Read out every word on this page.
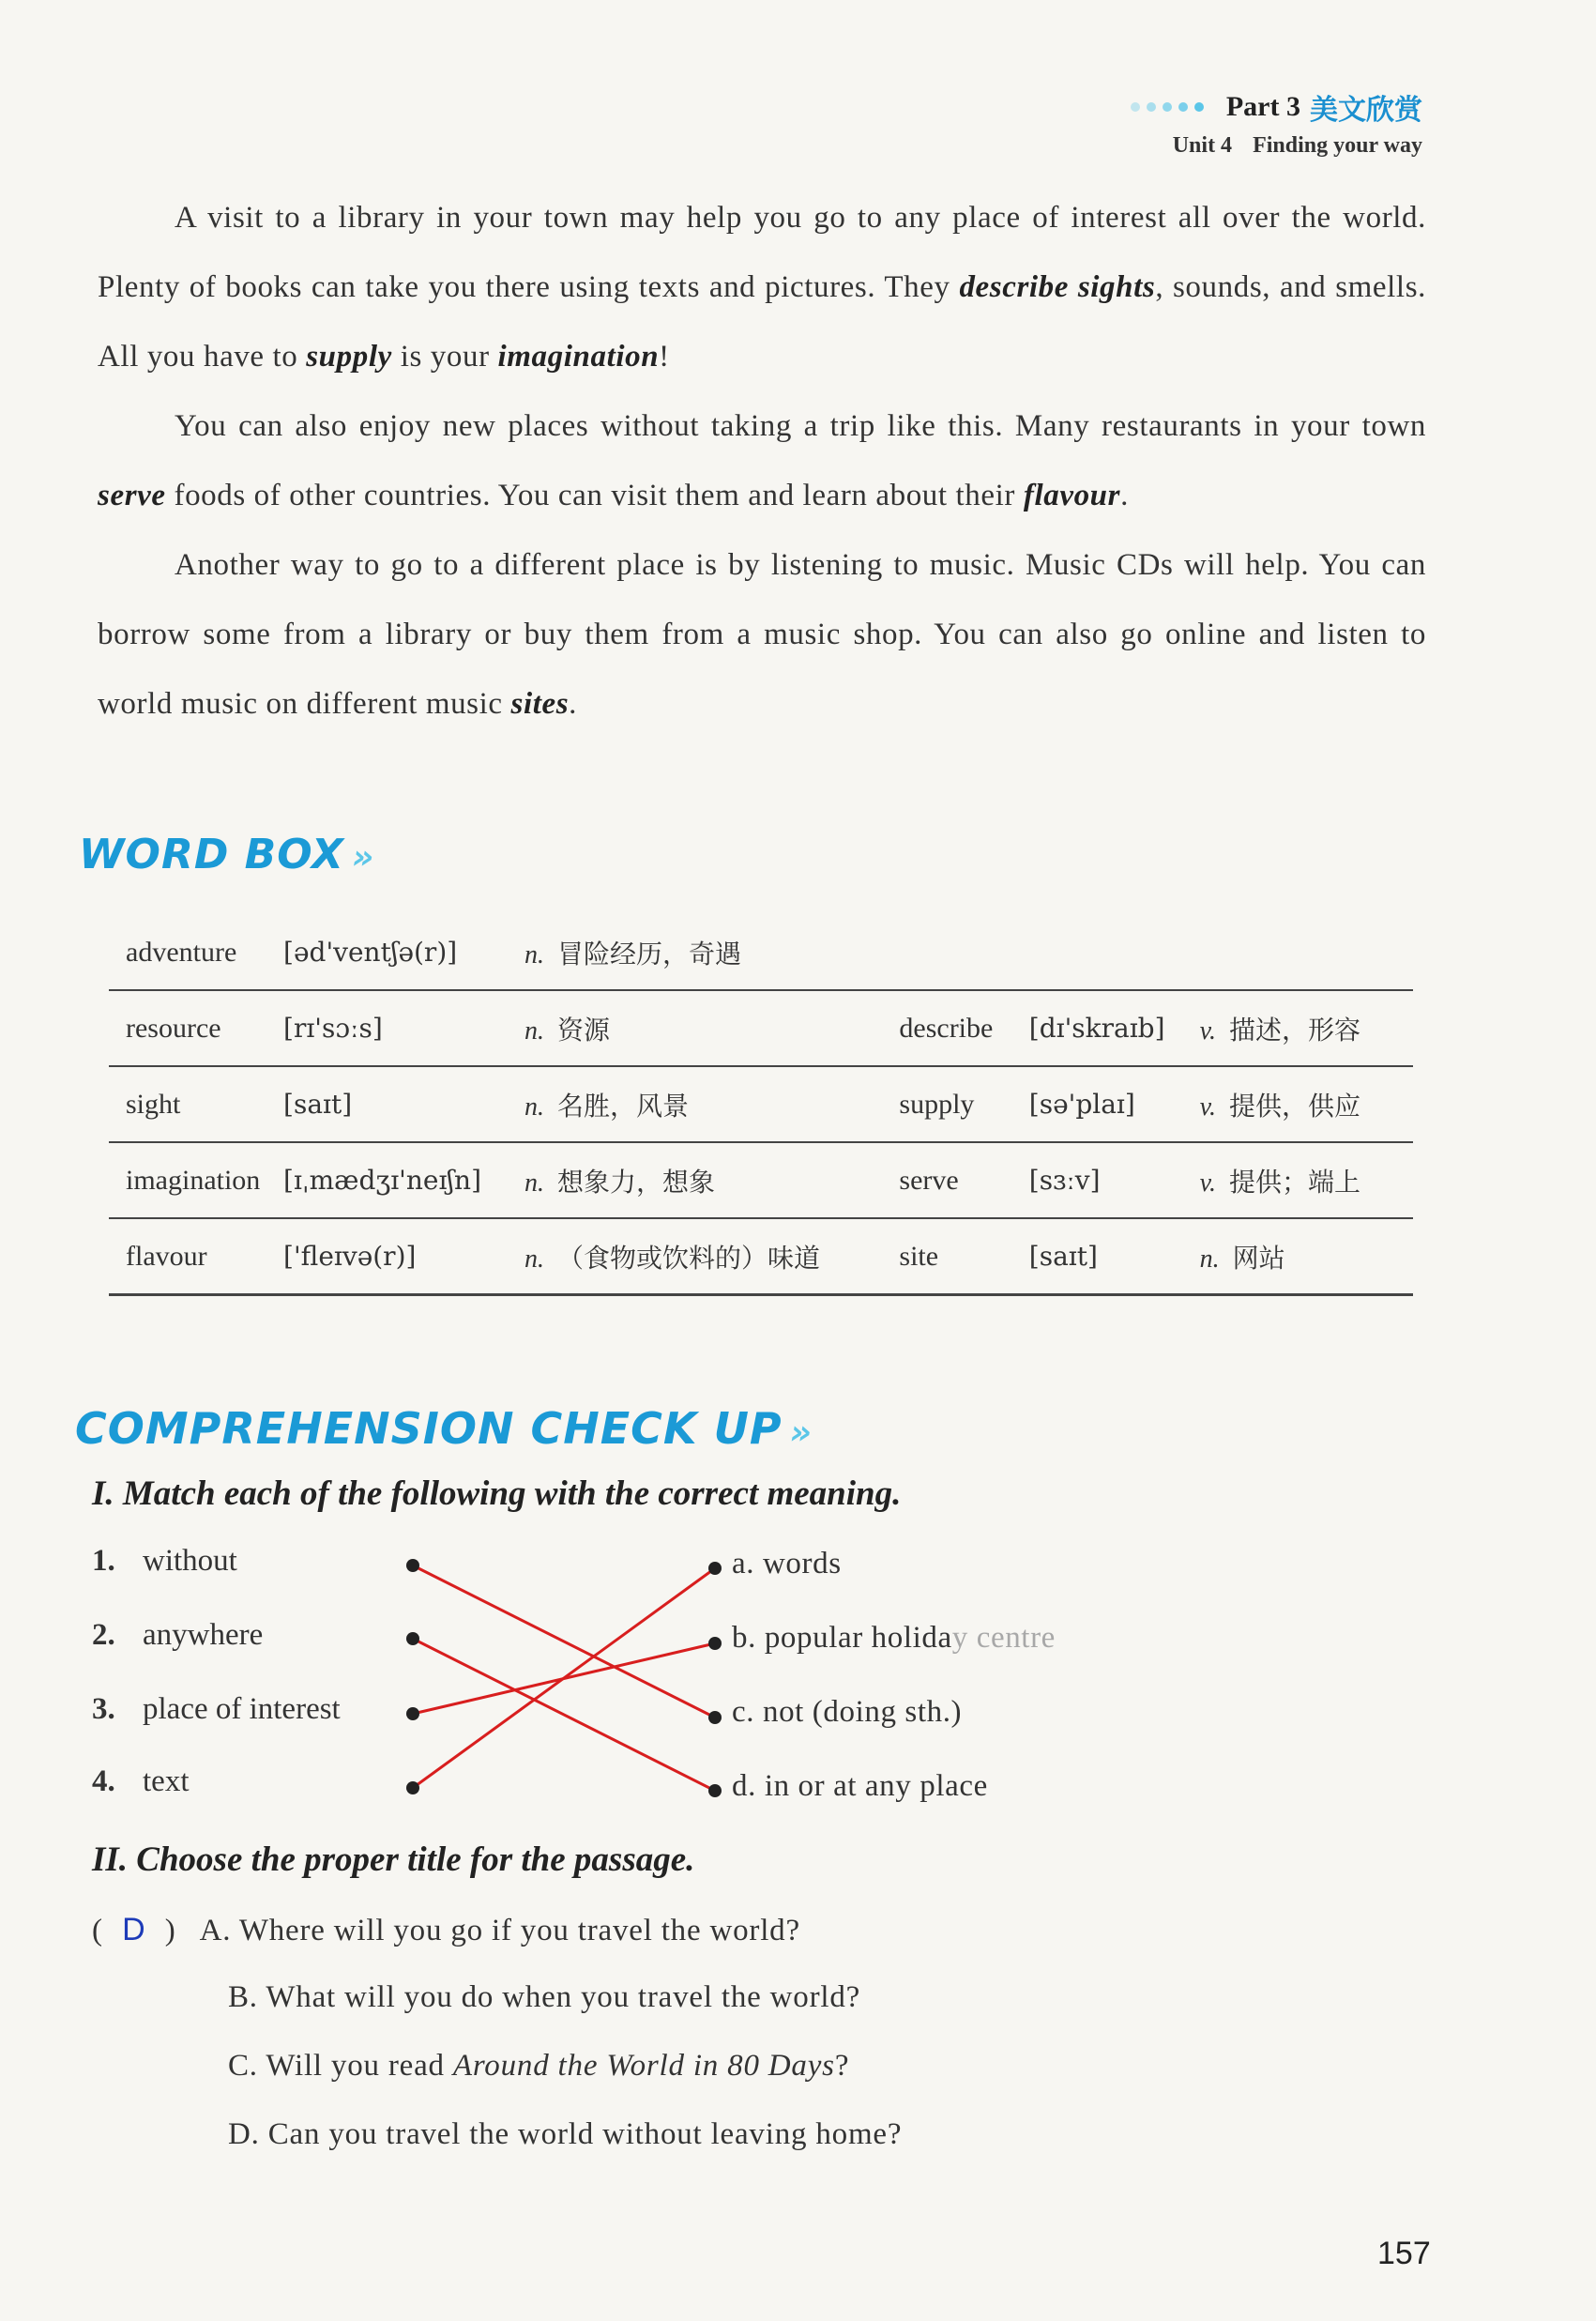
Part 3 美文欣赏
Unit 4 Finding your way

A visit to a library in your town may help you go to any place of interest all over the world. Plenty of books can take you there using texts and pictures. They describe sights, sounds, and smells. All you have to supply is your imagination!

You can also enjoy new places without taking a trip like this. Many restaurants in your town serve foods of other countries. You can visit them and learn about their flavour.

Another way to go to a different place is by listening to music. Music CDs will help. You can borrow some from a library or buy them from a music shop. You can also go online and listen to world music on different music sites.

WORD BOX »
adventure	[əd'ventʃə(r)]	n. 冒险经历，奇遇
resource	[rɪ'sɔːs]	n. 资源	describe	[dɪ'skraɪb]	v. 描述，形容
sight	[saɪt]	n. 名胜，风景	supply	[sə'plaɪ]	v. 提供，供应
imagination [ɪˌmædʒɪ'neɪʃn]	n. 想象力，想象	serve	[sɜːv]	v. 提供；端上
flavour	['fleɪvə(r)]	n. （食物或饮料的）味道	site	[saɪt]	n. 网站
COMPREHENSION CHECK UP »
I. Match each of the following with the correct meaning.
1. without
2. anywhere
3. place of interest
4. text
a. words
b. popular holiday centre
c. not (doing sth.)
d. in or at any place
II. Choose the proper title for the passage.
( D ) A. Where will you go if you travel the world?
B. What will you do when you travel the world?
C. Will you read Around the World in 80 Days?
D. Can you travel the world without leaving home?
157
